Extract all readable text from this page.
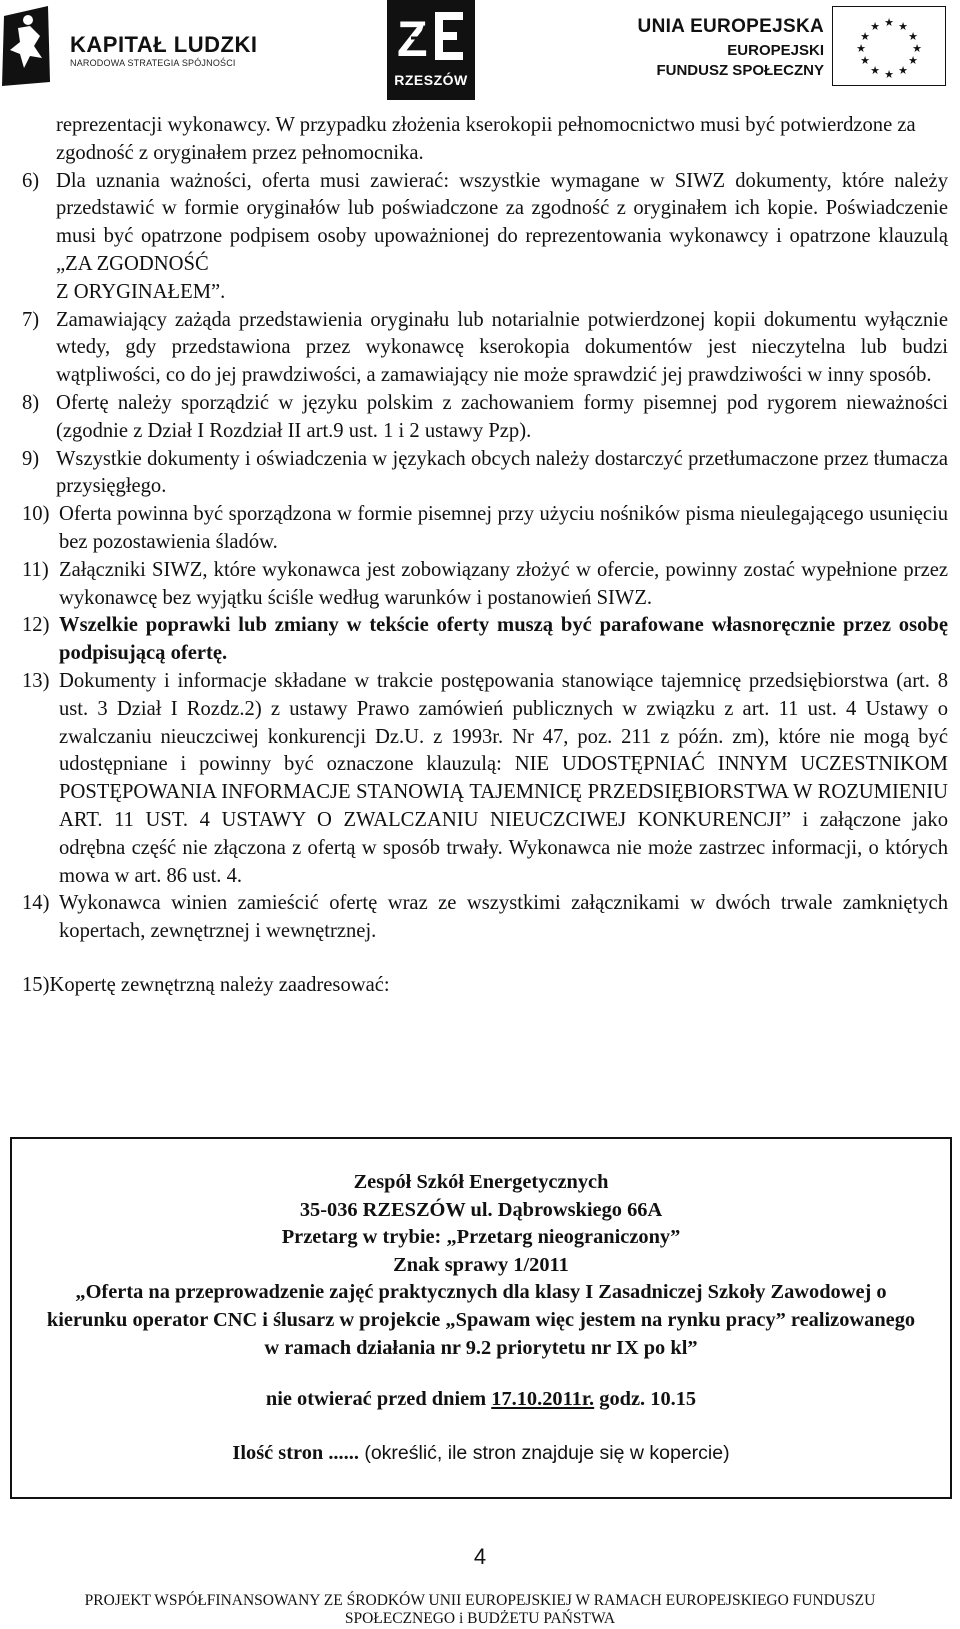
KAPITAŁ LUDZKI
NARODOWA STRATEGIA SPÓJNOŚCI	Z
RZESZÓW
UNIA EUROPEJSKA
EUROPEJSKI
FUNDUSZ SPOŁECZNY
★ ★
★
★
★
★
★
★
★
★
★
★

reprezentacji wykonawcy. W przypadku złożenia kserokopii pełnomocnictwo musi być potwierdzone za zgodność z oryginałem przez pełnomocnika.

6) Dla uznania ważności, oferta musi zawierać: wszystkie wymagane w SIWZ dokumenty, które należy przedstawić w formie oryginałów lub poświadczone za zgodność z oryginałem ich kopie. Poświadczenie musi być opatrzone podpisem osoby upoważnionej do reprezentowania wykonawcy i opatrzone klauzulą „ZA ZGODNOŚĆ
Z ORYGINAŁEM”.
7) Zamawiający zażąda przedstawienia oryginału lub notarialnie potwierdzonej kopii dokumentu wyłącznie wtedy, gdy przedstawiona przez wykonawcę kserokopia dokumentów jest nieczytelna lub budzi wątpliwości, co do jej prawdziwości, a zamawiający nie może sprawdzić jej prawdziwości w inny sposób.
8) Ofertę należy sporządzić w języku polskim z zachowaniem formy pisemnej pod rygorem nieważności (zgodnie z Dział I Rozdział II art.9 ust. 1 i 2 ustawy Pzp).
9) Wszystkie dokumenty i oświadczenia w językach obcych należy dostarczyć przetłumaczone przez tłumacza przysięgłego.
10) Oferta powinna być sporządzona w formie pisemnej przy użyciu nośników pisma nieulegającego usunięciu bez pozostawienia śladów.
11) Załączniki SIWZ, które wykonawca jest zobowiązany złożyć w ofercie, powinny zostać wypełnione przez wykonawcę bez wyjątku ściśle według warunków i postanowień SIWZ.
12) Wszelkie poprawki lub zmiany w tekście oferty muszą być parafowane własnoręcznie przez osobę podpisującą ofertę.
13) Dokumenty i informacje składane w trakcie postępowania stanowiące tajemnicę przedsiębiorstwa (art. 8 ust. 3 Dział I Rozdz.2) z ustawy Prawo zamówień publicznych w związku z art. 11 ust. 4 Ustawy o zwalczaniu nieuczciwej konkurencji Dz.U. z 1993r. Nr 47, poz. 211 z późn. zm), które nie mogą być udostępniane i powinny być oznaczone klauzulą: NIE UDOSTĘPNIAĆ INNYM UCZESTNIKOM POSTĘPOWANIA INFORMACJE STANOWIĄ TAJEMNICĘ PRZEDSIĘBIORSTWA W ROZUMIENIU ART. 11 UST. 4 USTAWY O ZWALCZANIU NIEUCZCIWEJ KONKURENCJI” i załączone jako odrębna część nie złączona z ofertą w sposób trwały. Wykonawca nie może zastrzec informacji, o których mowa w art. 86 ust. 4.
14) Wykonawca winien zamieścić ofertę wraz ze wszystkimi załącznikami w dwóch trwale zamkniętych kopertach, zewnętrznej i wewnętrznej.

15)Kopertę zewnętrzną należy zaadresować:

Zespół Szkół Energetycznych
35-036 RZESZÓW ul. Dąbrowskiego 66A
Przetarg w trybie: „Przetarg nieograniczony”
Znak sprawy 1/2011
„Oferta na przeprowadzenie zajęć praktycznych dla klasy I Zasadniczej Szkoły Zawodowej o kierunku operator CNC i ślusarz w projekcie „Spawam więc jestem na rynku pracy” realizowanego w ramach działania nr 9.2 priorytetu nr IX po kl”
nie otwierać przed dniem 17.10.2011r. godz. 10.15
Ilość stron ...... (określić, ile stron znajduje się w kopercie)
4
PROJEKT WSPÓŁFINANSOWANY ZE ŚRODKÓW UNII EUROPEJSKIEJ W RAMACH EUROPEJSKIEGO FUNDUSZU
SPOŁECZNEGO i BUDŻETU PAŃSTWA
